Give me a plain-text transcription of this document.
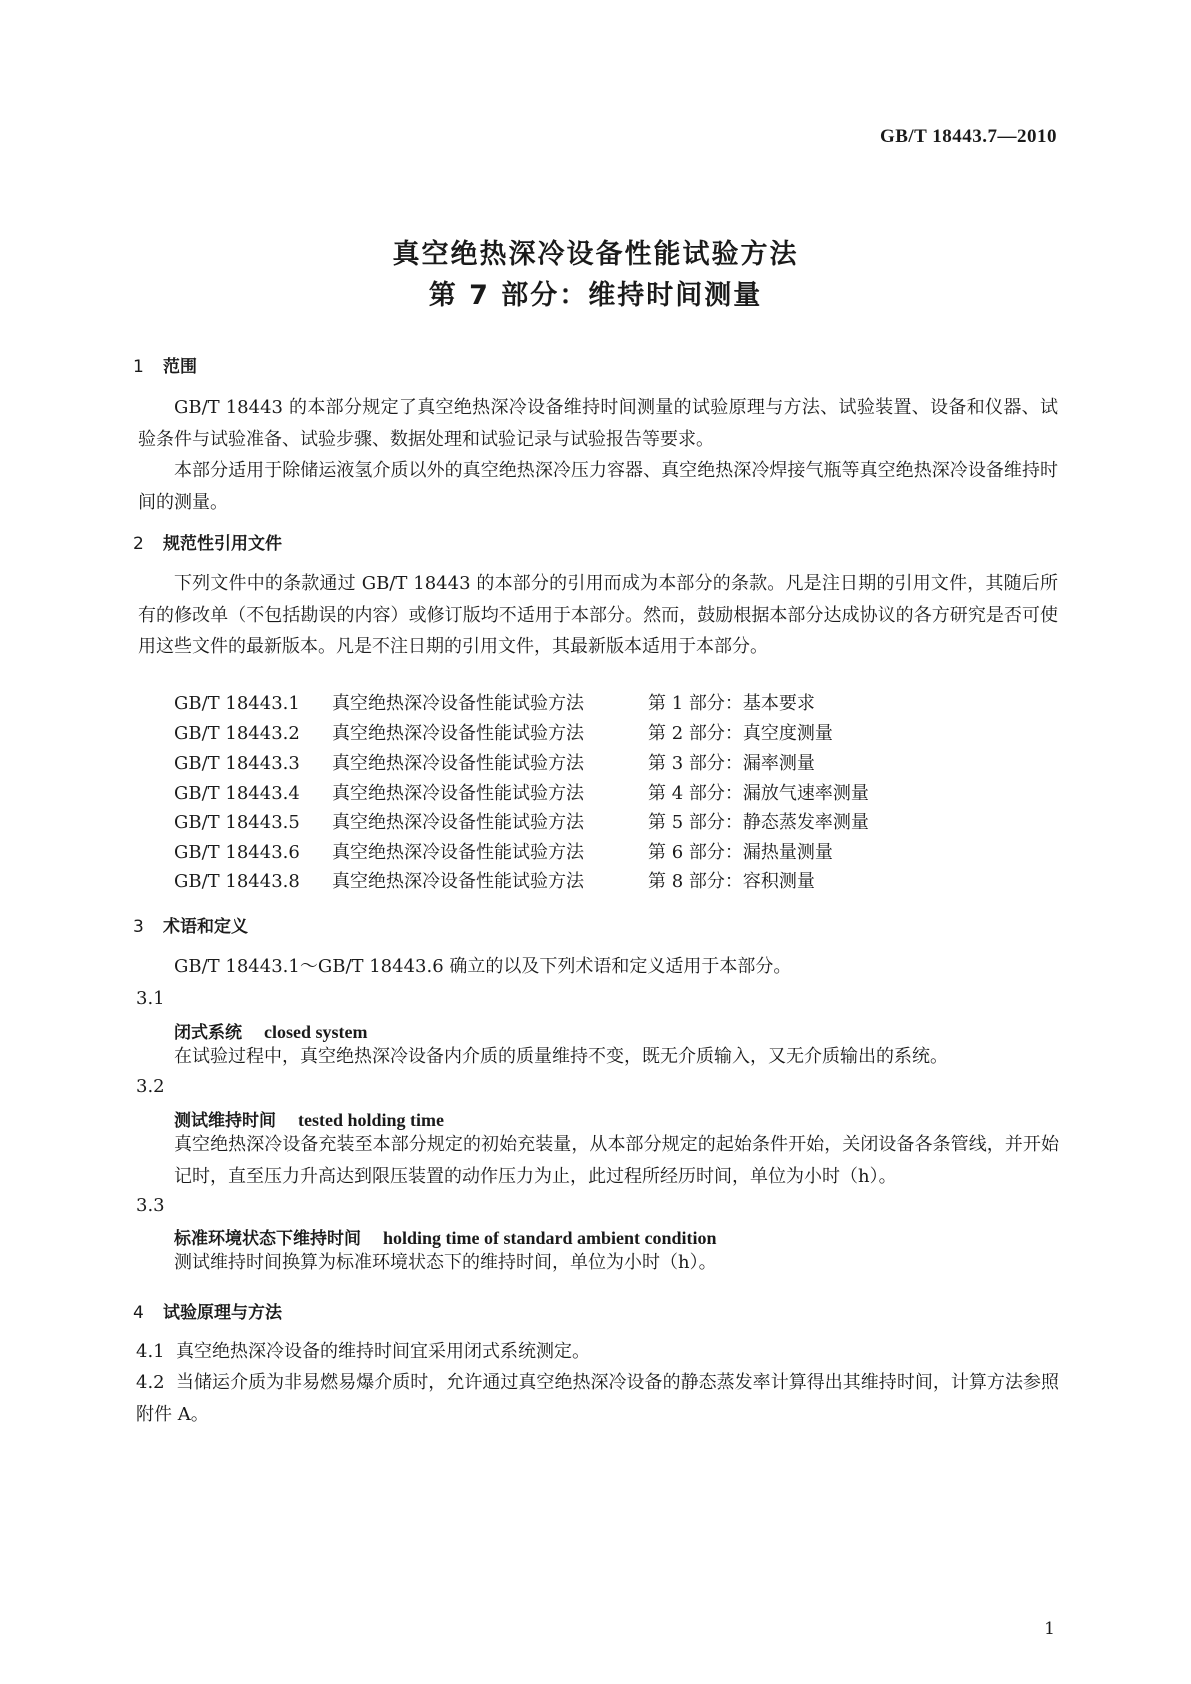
GB/T 18443.7—2010
真空绝热深冷设备性能试验方法
第 7 部分：维持时间测量
1 范围
GB/T 18443 的本部分规定了真空绝热深冷设备维持时间测量的试验原理与方法、试验装置、设备和仪器、试验条件与试验准备、试验步骤、数据处理和试验记录与试验报告等要求。
本部分适用于除储运液氢介质以外的真空绝热深冷压力容器、真空绝热深冷焊接气瓶等真空绝热深冷设备维持时间的测量。
2 规范性引用文件
下列文件中的条款通过 GB/T 18443 的本部分的引用而成为本部分的条款。凡是注日期的引用文件，其随后所有的修改单（不包括勘误的内容）或修订版均不适用于本部分。然而，鼓励根据本部分达成协议的各方研究是否可使用这些文件的最新版本。凡是不注日期的引用文件，其最新版本适用于本部分。
GB/T 18443.1 真空绝热深冷设备性能试验方法	第 1 部分：基本要求
GB/T 18443.2 真空绝热深冷设备性能试验方法	第 2 部分：真空度测量
GB/T 18443.3 真空绝热深冷设备性能试验方法	第 3 部分：漏率测量
GB/T 18443.4 真空绝热深冷设备性能试验方法	第 4 部分：漏放气速率测量
GB/T 18443.5 真空绝热深冷设备性能试验方法	第 5 部分：静态蒸发率测量
GB/T 18443.6 真空绝热深冷设备性能试验方法	第 6 部分：漏热量测量
GB/T 18443.8 真空绝热深冷设备性能试验方法	第 8 部分：容积测量
3 术语和定义
GB/T 18443.1～GB/T 18443.6 确立的以及下列术语和定义适用于本部分。
3.1
闭式系统 closed system
在试验过程中，真空绝热深冷设备内介质的质量维持不变，既无介质输入，又无介质输出的系统。
3.2
测试维持时间 tested holding time
真空绝热深冷设备充装至本部分规定的初始充装量，从本部分规定的起始条件开始，关闭设备各条管线，并开始记时，直至压力升高达到限压装置的动作压力为止，此过程所经历时间，单位为小时（h）。
3.3
标准环境状态下维持时间 holding time of standard ambient condition
测试维持时间换算为标准环境状态下的维持时间，单位为小时（h）。
4 试验原理与方法
4.1 真空绝热深冷设备的维持时间宜采用闭式系统测定。
4.2 当储运介质为非易燃易爆介质时，允许通过真空绝热深冷设备的静态蒸发率计算得出其维持时间，计算方法参照附件 A。
1
